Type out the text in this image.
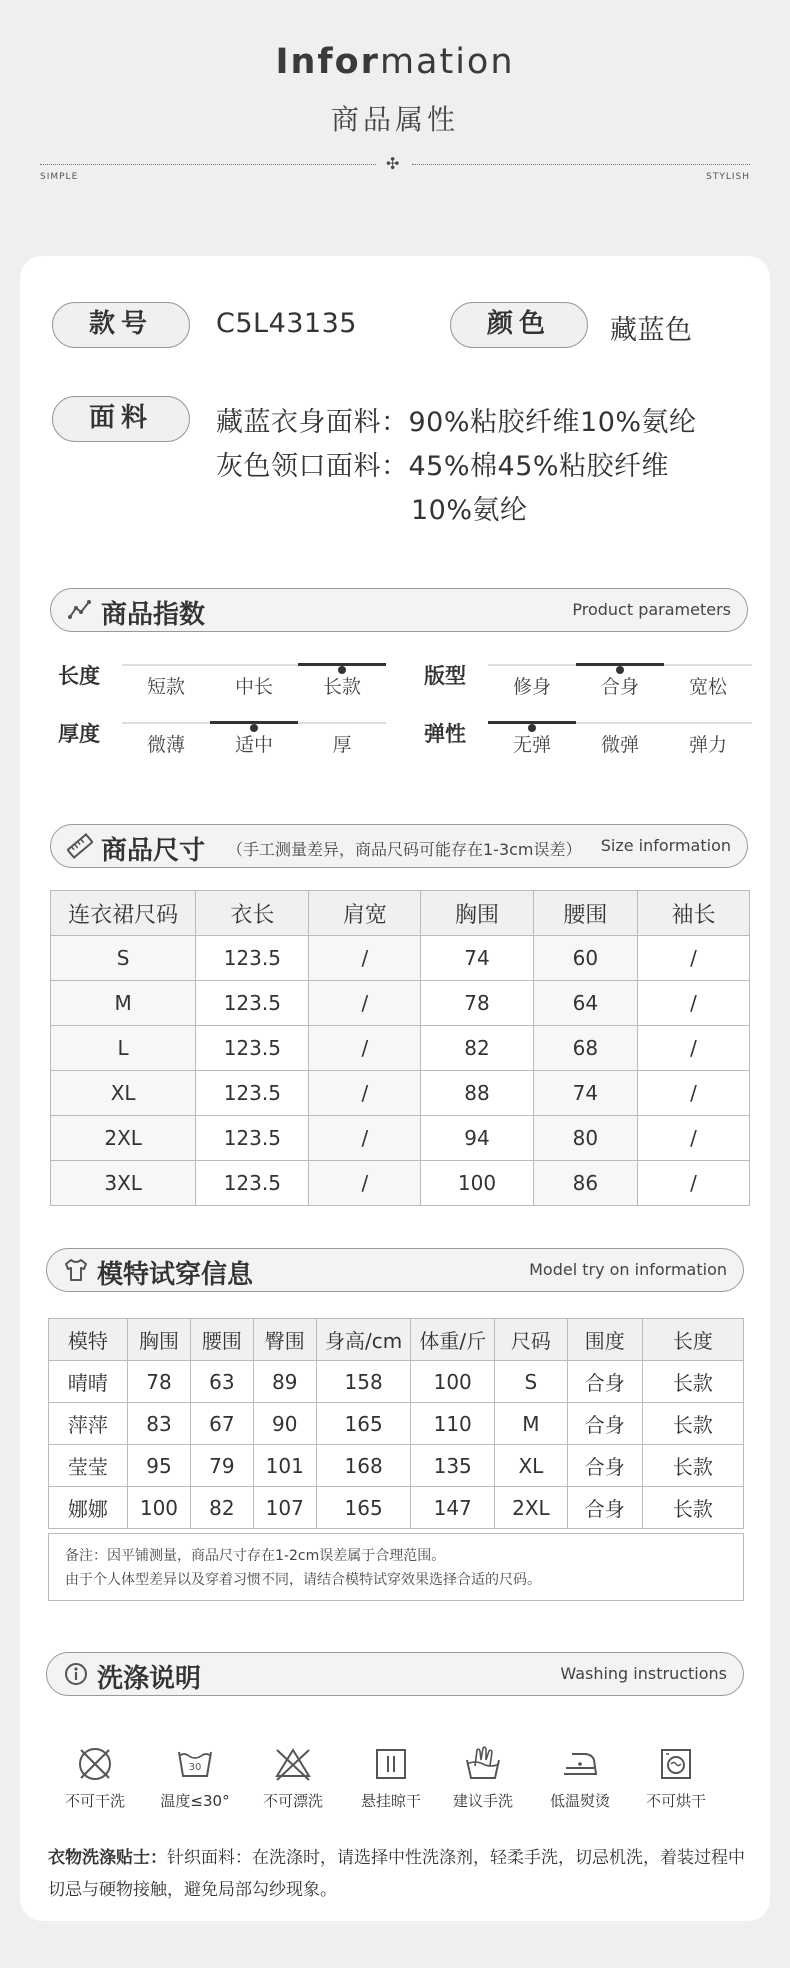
Information
商品属性
✣
SIMPLE	STYLISH
款号	C5L43135	颜色	藏蓝色
面料	藏蓝衣身面料：90%粘胶纤维10%氨纶
灰色领口面料：45%棉45%粘胶纤维
10%氨纶
商品指数	Product parameters
长度	短款	中长	长款	版型	修身	合身	宽松
厚度	微薄	适中	厚	弹性	无弹	微弹	弹力
商品尺寸 （手工测量差异，商品尺码可能存在1-3cm误差） Size information
连衣裙尺码	衣长	肩宽	胸围	腰围	袖长
S	123.5	/	74	60	/
M	123.5	/	78	64	/
L	123.5	/	82	68	/
XL	123.5	/	88	74	/
2XL	123.5	/	94	80	/
3XL	123.5	/	100	86	/
模特试穿信息	Model try on information
模特	胸围	腰围	臀围	身高/cm	体重/斤	尺码	围度	长度
晴晴	78	63	89	158	100	S	合身	长款
萍萍	83	67	90	165	110	M	合身	长款
莹莹	95	79	101	168	135	XL	合身	长款
娜娜	100	82	107	165	147	2XL	合身	长款
备注：因平铺测量，商品尺寸存在1-2cm误差属于合理范围。
由于个人体型差异以及穿着习惯不同，请结合模特试穿效果选择合适的尺码。
洗涤说明	Washing instructions
不可干洗
30
温度≤30°	不可漂洗	悬挂晾干	建议手洗	低温熨烫	不可烘干
衣物洗涤贴士：针织面料：在洗涤时，请选择中性洗涤剂，轻柔手洗，切忌机洗，着装过程中切忌与硬物接触，避免局部勾纱现象。
